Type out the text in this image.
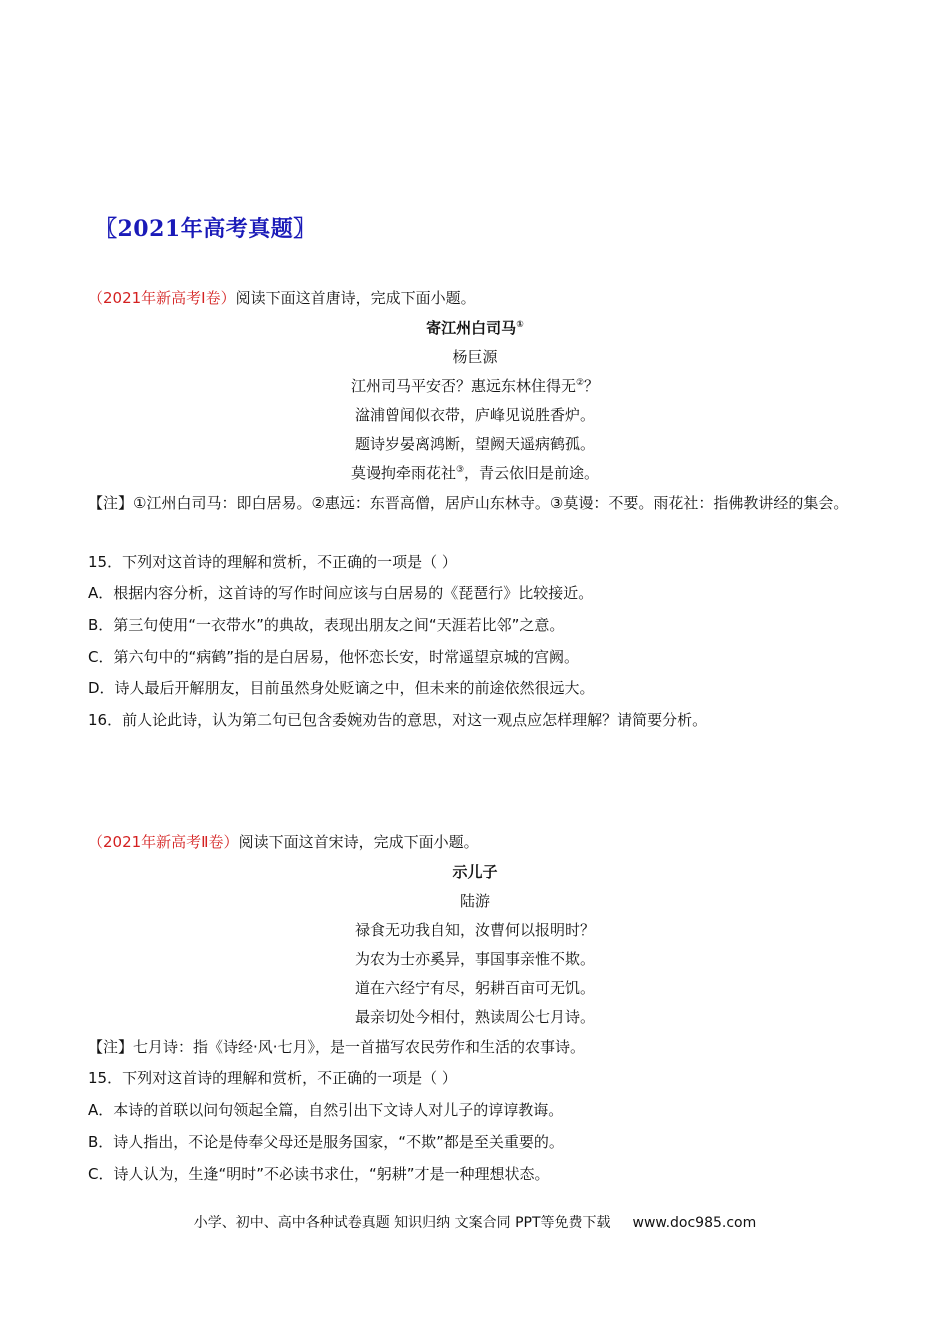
〖2021年高考真题〗
（2021年新高考Ⅰ卷）阅读下面这首唐诗，完成下面小题。
寄江州白司马①
杨巨源
江州司马平安否？惠远东林住得无②？
湓浦曾闻似衣带，庐峰见说胜香炉。
题诗岁晏离鸿断，望阙天遥病鹤孤。
莫谩拘牵雨花社③，青云依旧是前途。
【注】①江州白司马：即白居易。②惠远：东晋高僧，居庐山东林寺。③莫谩：不要。雨花社：指佛教讲经的集会。
15．下列对这首诗的理解和赏析，不正确的一项是（ ）
A．根据内容分析，这首诗的写作时间应该与白居易的《琵琶行》比较接近。
B．第三句使用“一衣带水”的典故，表现出朋友之间“天涯若比邻”之意。
C．第六句中的“病鹤”指的是白居易，他怀恋长安，时常遥望京城的宫阙。
D．诗人最后开解朋友，目前虽然身处贬谪之中，但未来的前途依然很远大。
16．前人论此诗，认为第二句已包含委婉劝告的意思，对这一观点应怎样理解？请简要分析。
（2021年新高考Ⅱ卷）阅读下面这首宋诗，完成下面小题。
示儿子
陆游
禄食无功我自知，汝曹何以报明时？
为农为士亦奚异，事国事亲惟不欺。
道在六经宁有尽，躬耕百亩可无饥。
最亲切处今相付，熟读周公七月诗。
【注】七月诗：指《诗经·风·七月》，是一首描写农民劳作和生活的农事诗。
15．下列对这首诗的理解和赏析，不正确的一项是（ ）
A．本诗的首联以问句领起全篇，自然引出下文诗人对儿子的谆谆教诲。
B．诗人指出，不论是侍奉父母还是服务国家，“不欺”都是至关重要的。
C．诗人认为，生逢“明时”不必读书求仕，“躬耕”才是一种理想状态。
小学、初中、高中各种试卷真题 知识归纳 文案合同 PPT等免费下载 www.doc985.com
